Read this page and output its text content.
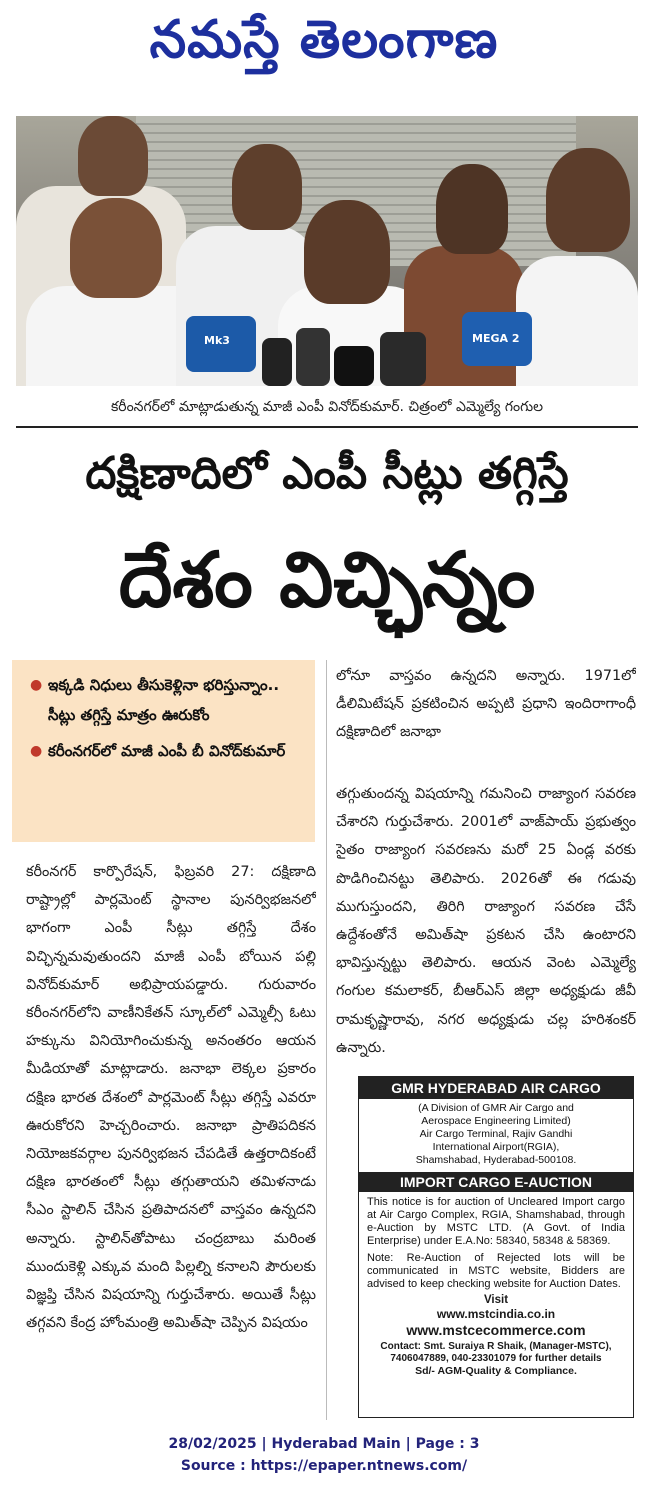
నమస్తే తెలంగాణ
Mk3	MEGA 2
కరీంనగర్‌లో మాట్లాడుతున్న మాజీ ఎంపీ వినోద్‌కుమార్. చిత్రంలో ఎమ్మెల్యే గంగుల
దక్షిణాదిలో ఎంపీ సీట్లు తగ్గిస్తే
దేశం విచ్ఛిన్నం
● ఇక్కడి నిధులు తీసుకెళ్లినా భరిస్తున్నాం.. సీట్లు తగ్గిస్తే మాత్రం ఊరుకోం
● కరీంనగర్‌లో మాజీ ఎంపీ బీ వినోద్‌కుమార్
కరీంనగర్ కార్పొరేషన్, ఫిబ్రవరి 27: దక్షిణాది రాష్ట్రాల్లో పార్లమెంట్ స్థానాల పునర్విభజనలో భాగంగా ఎంపీ సీట్లు తగ్గిస్తే దేశం విచ్ఛిన్నమవుతుందని మాజీ ఎంపీ బోయిన పల్లి వినోద్‌కుమార్ అభిప్రాయపడ్డారు. గురువారం కరీంనగర్‌లోని వాణీనికేతన్ స్కూల్‌లో ఎమ్మెల్సీ ఓటు హక్కును వినియోగించుకున్న అనంతరం ఆయన మీడియాతో మాట్లాడారు. జనాభా లెక్కల ప్రకారం దక్షిణ భారత దేశంలో పార్లమెంట్ సీట్లు తగ్గిస్తే ఎవరూ ఊరుకోరని హెచ్చరించారు. జనాభా ప్రాతిపదికన నియోజకవర్గాల పునర్విభజన చేపడితే ఉత్తరాదికంటే దక్షిణ భారతంలో సీట్లు తగ్గుతాయని తమిళనాడు సీఎం స్టాలిన్ చేసిన ప్రతిపాదనలో వాస్తవం ఉన్నదని అన్నారు. స్టాలిన్‌తోపాటు చంద్రబాబు మరింత ముందుకెళ్లి ఎక్కువ మంది పిల్లల్ని కనాలని పౌరులకు విజ్ఞప్తి చేసిన విషయాన్ని గుర్తుచేశారు. అయితే సీట్లు తగ్గవని కేంద్ర హోంమంత్రి అమిత్‌షా చెప్పిన విషయం
లోనూ వాస్తవం ఉన్నదని అన్నారు. 1971లో డీలిమిటేషన్ ప్రకటించిన అప్పటి ప్రధాని ఇందిరాగాంధీ దక్షిణాదిలో జనాభా
తగ్గుతుందన్న విషయాన్ని గమనించి రాజ్యాంగ సవరణ చేశారని గుర్తుచేశారు. 2001లో వాజ్‌పాయ్ ప్రభుత్వం సైతం రాజ్యాంగ సవరణను మరో 25 ఏండ్ల వరకు పొడిగించినట్టు తెలిపారు. 2026తో ఈ గడువు ముగుస్తుందని, తిరిగి రాజ్యాంగ సవరణ చేసే ఉద్దేశంతోనే అమిత్‌షా ప్రకటన చేసి ఉంటారని భావిస్తున్నట్టు తెలిపారు. ఆయన వెంట ఎమ్మెల్యే గంగుల కమలాకర్, బీఆర్‌ఎస్ జిల్లా అధ్యక్షుడు జీవీ రామకృష్ణారావు, నగర అధ్యక్షుడు చల్ల హరిశంకర్ ఉన్నారు.
GMR HYDERABAD AIR CARGO
(A Division of GMR Air Cargo and
Aerospace Engineering Limited)
Air Cargo Terminal, Rajiv Gandhi
International Airport(RGIA),
Shamshabad, Hyderabad-500108.
IMPORT CARGO E-AUCTION
This notice is for auction of Uncleared Import cargo at Air Cargo Complex, RGIA, Shamshabad, through e-Auction by MSTC LTD. (A Govt. of India Enterprise) under E.A.No: 58340, 58348 & 58369.
Note: Re-Auction of Rejected lots will be communicated in MSTC website, Bidders are advised to keep checking website for Auction Dates.
Visit
www.mstcindia.co.in
www.mstcecommerce.com
Contact: Smt. Suraiya R Shaik, (Manager-MSTC), 7406047889, 040-23301079 for further details
Sd/- AGM-Quality & Compliance.
28/02/2025 | Hyderabad Main | Page : 3
Source : https://epaper.ntnews.com/
